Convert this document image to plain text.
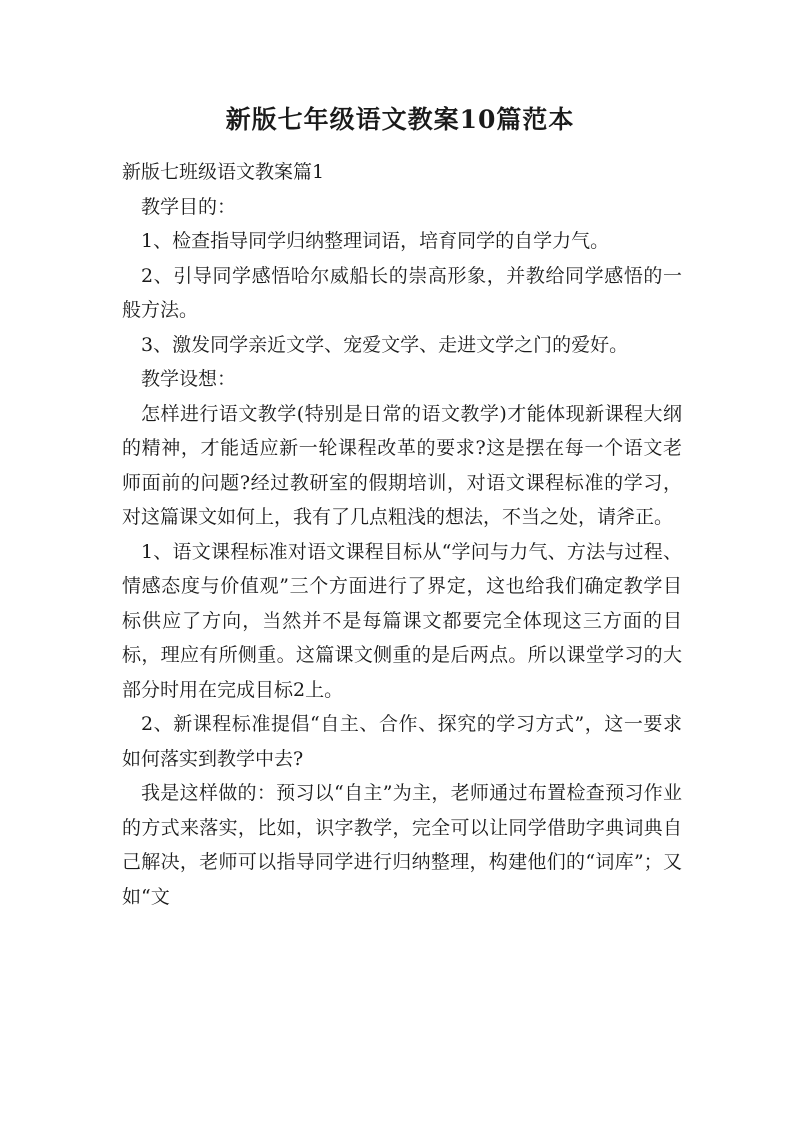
新版七年级语文教案10篇范本

新版七班级语文教案篇1

教学目的：

1、检查指导同学归纳整理词语，培育同学的自学力气。

2、引导同学感悟哈尔威船长的崇高形象，并教给同学感悟的一般方法。

3、激发同学亲近文学、宠爱文学、走进文学之门的爱好。

教学设想：

怎样进行语文教学(特别是日常的语文教学)才能体现新课程大纲的精神，才能适应新一轮课程改革的要求?这是摆在每一个语文老师面前的问题?经过教研室的假期培训，对语文课程标准的学习，对这篇课文如何上，我有了几点粗浅的想法，不当之处，请斧正。

1、语文课程标准对语文课程目标从“学问与力气、方法与过程、情感态度与价值观”三个方面进行了界定，这也给我们确定教学目标供应了方向，当然并不是每篇课文都要完全体现这三方面的目标，理应有所侧重。这篇课文侧重的是后两点。所以课堂学习的大部分时用在完成目标2上。

2、新课程标准提倡“自主、合作、探究的学习方式”，这一要求如何落实到教学中去?

我是这样做的：预习以“自主”为主，老师通过布置检查预习作业的方式来落实，比如，识字教学，完全可以让同学借助字典词典自己解决，老师可以指导同学进行归纳整理，构建他们的“词库”；又如“文
